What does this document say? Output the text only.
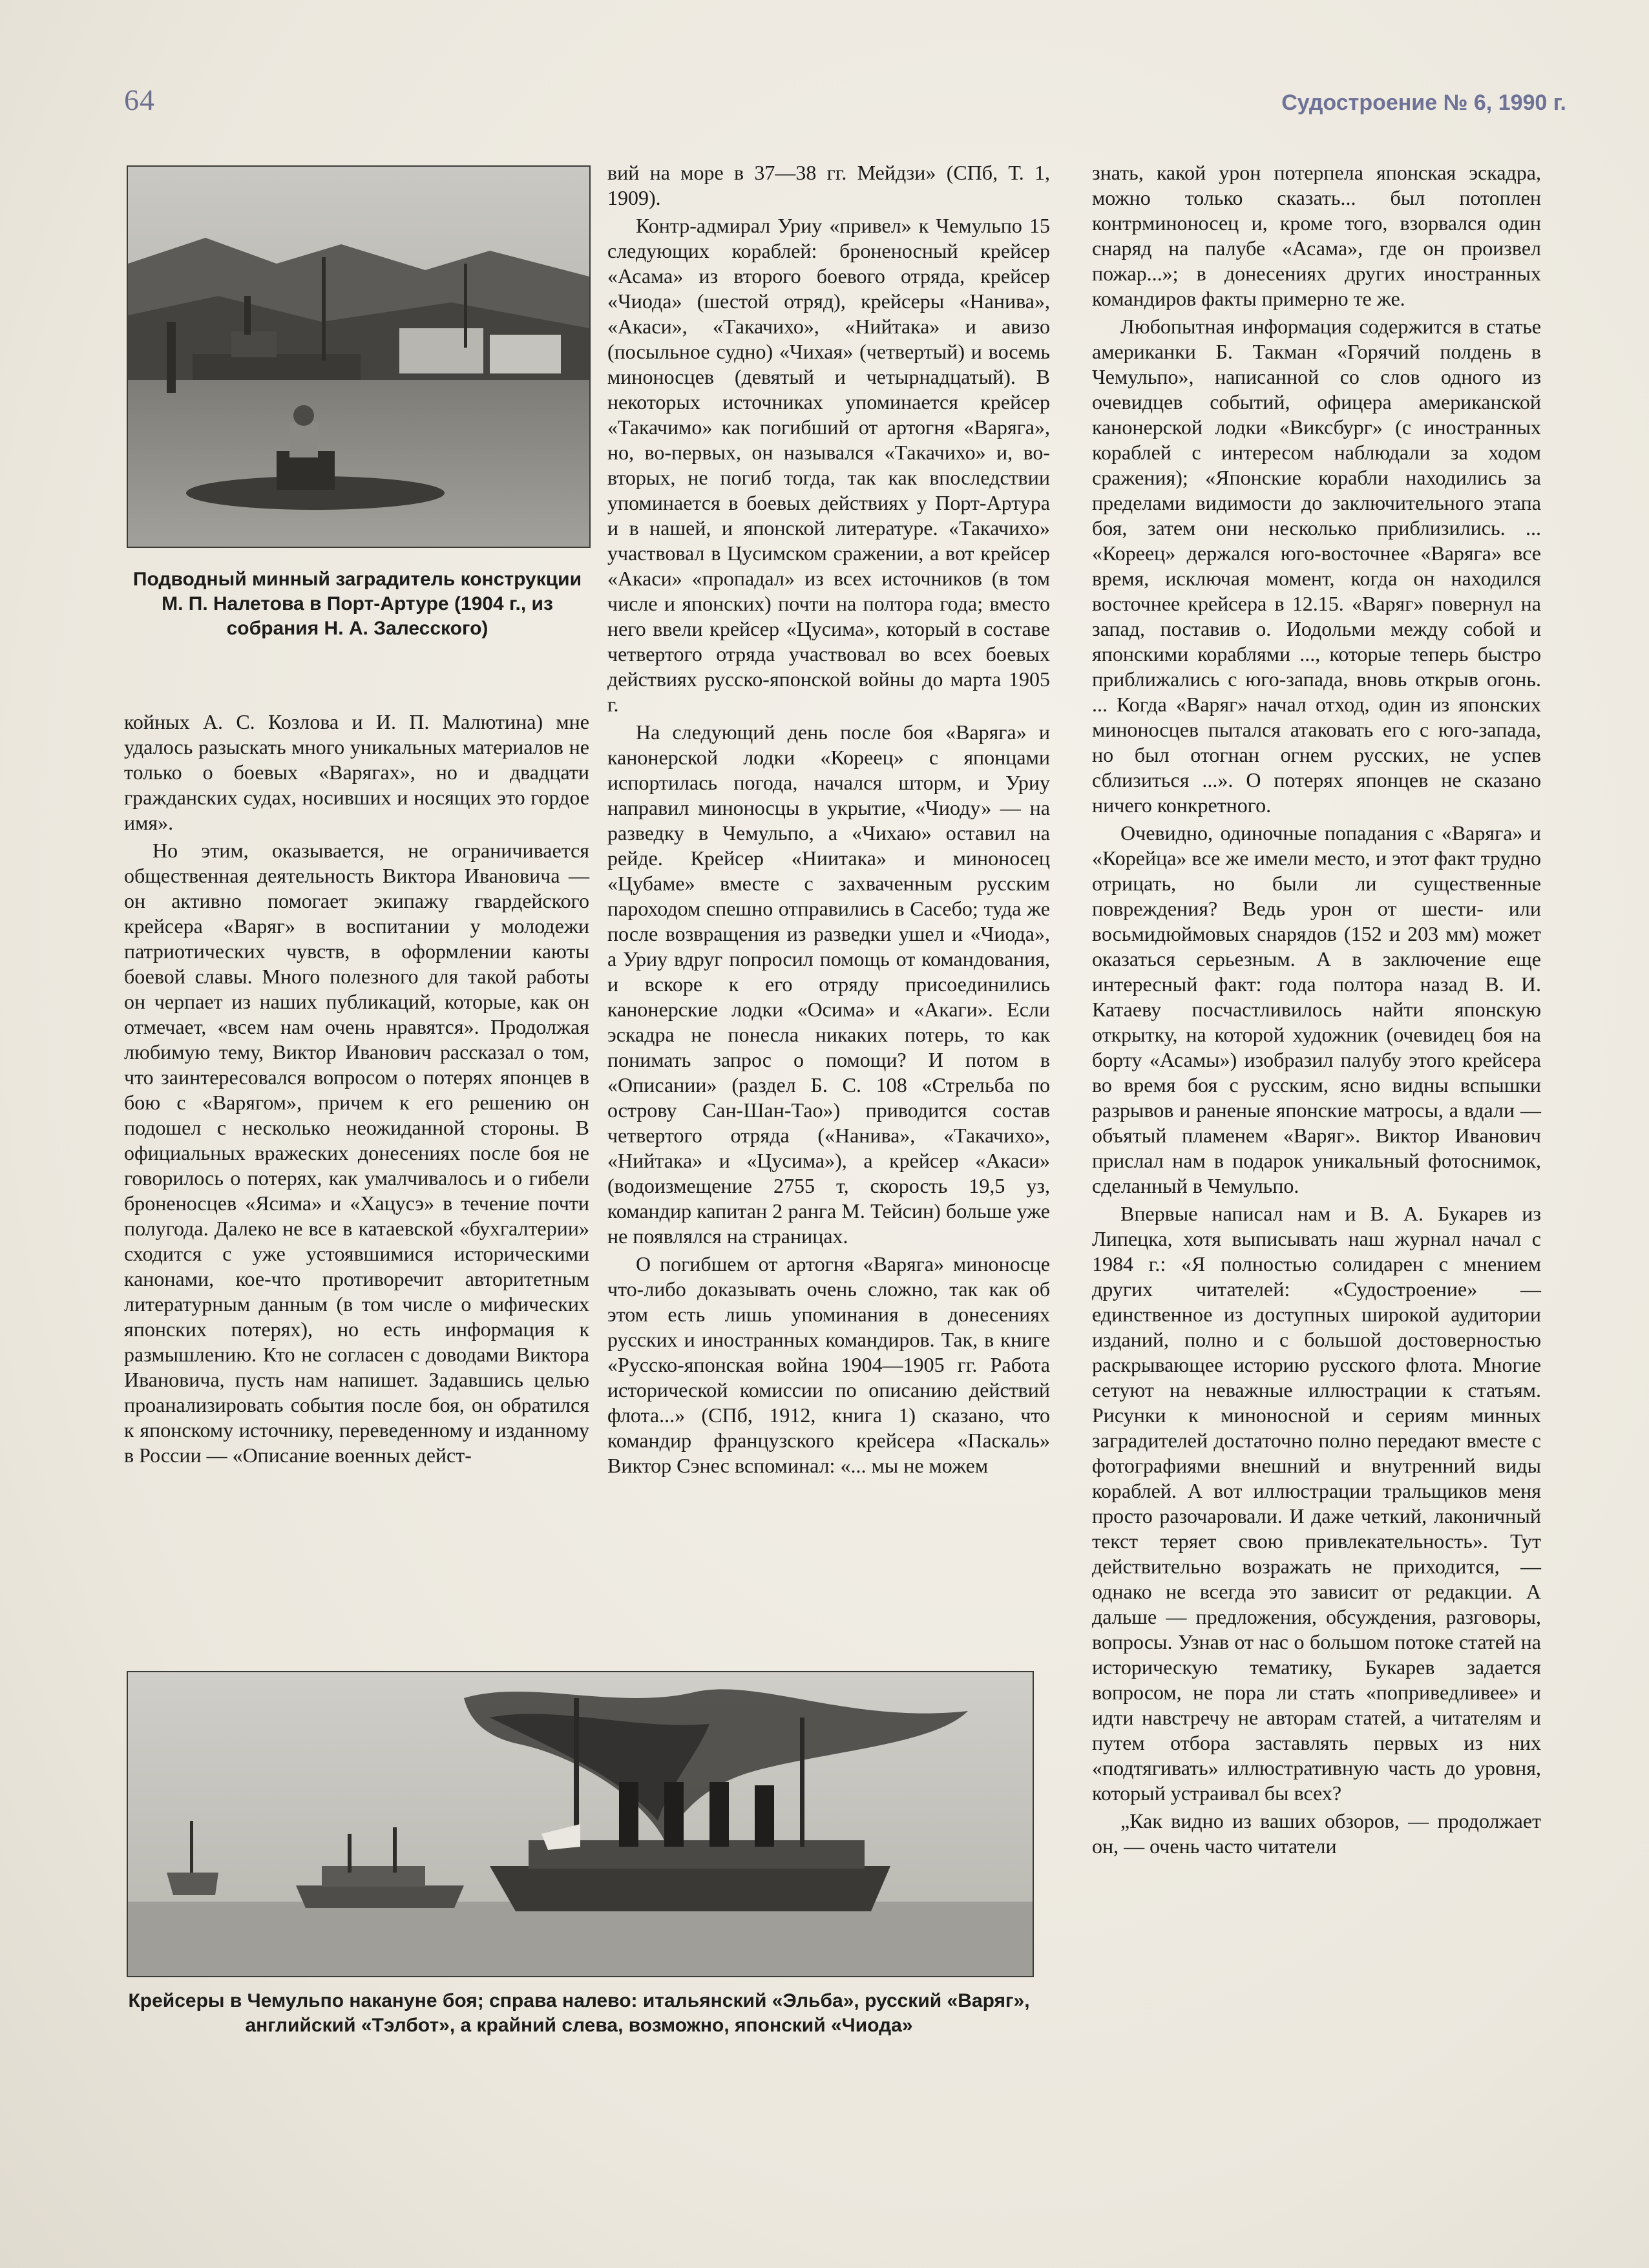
64	Судостроение № 6, 1990 г.
Подводный минный заградитель конструкции М. П. Налетова в Порт-Артуре (1904 г., из собрания Н. А. Залесского)

койных А. С. Козлова и И. П. Малютина) мне удалось разыскать много уникальных материалов не только о боевых «Варягах», но и двадцати гражданских судах, носивших и носящих это гордое имя».

Но этим, оказывается, не ограничивается общественная деятельность Виктора Ивановича — он активно помогает экипажу гвардейского крейсера «Варяг» в воспитании у молодежи патриотических чувств, в оформлении каюты боевой славы. Много полезного для такой работы он черпает из наших публикаций, которые, как он отмечает, «всем нам очень нравятся». Продолжая любимую тему, Виктор Иванович рассказал о том, что заинтересовался вопросом о потерях японцев в бою с «Варягом», причем к его решению он подошел с несколько неожиданной стороны. В официальных вражеских донесениях после боя не говорилось о потерях, как умалчивалось и о гибели броненосцев «Ясима» и «Хацусэ» в течение почти полугода. Далеко не все в катаевской «бухгалтерии» сходится с уже устоявшимися историческими канонами, кое-что противоречит авторитетным литературным данным (в том числе о мифических японских потерях), но есть информация к размышлению. Кто не согласен с доводами Виктора Ивановича, пусть нам напишет. Задавшись целью проанализировать события после боя, он обратился к японскому источнику, переведенному и изданному в России — «Описание военных дейст-

вий на море в 37—38 гг. Мейдзи» (СПб, Т. 1, 1909).

Контр-адмирал Уриу «привел» к Чемульпо 15 следующих кораблей: броненосный крейсер «Асама» из второго боевого отряда, крейсер «Чиода» (шестой отряд), крейсеры «Нанива», «Акаси», «Такачихо», «Нийтака» и авизо (посыльное судно) «Чихая» (четвертый) и восемь миноносцев (девятый и четырнадцатый). В некоторых источниках упоминается крейсер «Такачимо» как погибший от артогня «Варяга», но, во-первых, он назывался «Такачихо» и, во-вторых, не погиб тогда, так как впоследствии упоминается в боевых действиях у Порт-Артура и в нашей, и японской литературе. «Такачихо» участвовал в Цусимском сражении, а вот крейсер «Акаси» «пропадал» из всех источников (в том числе и японских) почти на полтора года; вместо него ввели крейсер «Цусима», который в составе четвертого отряда участвовал во всех боевых действиях русско-японской войны до марта 1905 г.

На следующий день после боя «Варяга» и канонерской лодки «Кореец» с японцами испортилась погода, начался шторм, и Уриу направил миноносцы в укрытие, «Чиоду» — на разведку в Чемульпо, а «Чихаю» оставил на рейде. Крейсер «Ниитака» и миноносец «Цубаме» вместе с захваченным русским пароходом спешно отправились в Сасебо; туда же после возвращения из разведки ушел и «Чиода», а Уриу вдруг попросил помощь от командования, и вскоре к его отряду присоединились канонерские лодки «Осима» и «Акаги». Если эскадра не понесла никаких потерь, то как понимать запрос о помощи? И потом в «Описании» (раздел Б. С. 108 «Стрельба по острову Сан-Шан-Тао») приводится состав четвертого отряда («Нанива», «Такачихо», «Нийтака» и «Цусима»), а крейсер «Акаси» (водоизмещение 2755 т, скорость 19,5 уз, командир капитан 2 ранга М. Тейсин) больше уже не появлялся на страницах.

О погибшем от артогня «Варяга» миноносце что-либо доказывать очень сложно, так как об этом есть лишь упоминания в донесениях русских и иностранных командиров. Так, в книге «Русско-японская война 1904—1905 гг. Работа исторической комиссии по описанию действий флота...» (СПб, 1912, книга 1) сказано, что командир французского крейсера «Паскаль» Виктор Сэнес вспоминал: «... мы не можем

знать, какой урон потерпела японская эскадра, можно только сказать... был потоплен контрминоносец и, кроме того, взорвался один снаряд на палубе «Асама», где он произвел пожар...»; в донесениях других иностранных командиров факты примерно те же.

Любопытная информация содержится в статье американки Б. Такман «Горячий полдень в Чемульпо», написанной со слов одного из очевидцев событий, офицера американской канонерской лодки «Виксбург» (с иностранных кораблей с интересом наблюдали за ходом сражения); «Японские корабли находились за пределами видимости до заключительного этапа боя, затем они несколько приблизились. ... «Кореец» держался юго-восточнее «Варяга» все время, исключая момент, когда он находился восточнее крейсера в 12.15. «Варяг» повернул на запад, поставив о. Иодольми между собой и японскими кораблями ..., которые теперь быстро приближались с юго-запада, вновь открыв огонь. ... Когда «Варяг» начал отход, один из японских миноносцев пытался атаковать его с юго-запада, но был отогнан огнем русских, не успев сблизиться ...». О потерях японцев не сказано ничего конкретного.

Очевидно, одиночные попадания с «Варяга» и «Корейца» все же имели место, и этот факт трудно отрицать, но были ли существенные повреждения? Ведь урон от шести- или восьмидюймовых снарядов (152 и 203 мм) может оказаться серьезным. А в заключение еще интересный факт: года полтора назад В. И. Катаеву посчастливилось найти японскую открытку, на которой художник (очевидец боя на борту «Асамы») изобразил палубу этого крейсера во время боя с русским, ясно видны вспышки разрывов и раненые японские матросы, а вдали — объятый пламенем «Варяг». Виктор Иванович прислал нам в подарок уникальный фотоснимок, сделанный в Чемульпо.

Впервые написал нам и В. А. Букарев из Липецка, хотя выписывать наш журнал начал с 1984 г.: «Я полностью солидарен с мнением других читателей: «Судостроение» — единственное из доступных широкой аудитории изданий, полно и с большой достоверностью раскрывающее историю русского флота. Многие сетуют на неважные иллюстрации к статьям. Рисунки к миноносной и сериям минных заградителей достаточно полно передают вместе с фотографиями внешний и внутренний виды кораблей. А вот иллюстрации тральщиков меня просто разочаровали. И даже четкий, лаконичный текст теряет свою привлекательность». Тут действительно возражать не приходится, — однако не всегда это зависит от редакции. А дальше — предложения, обсуждения, разговоры, вопросы. Узнав от нас о большом потоке статей на историческую тематику, Букарев задается вопросом, не пора ли стать «поприведливее» и идти навстречу не авторам статей, а читателям и путем отбора заставлять первых из них «подтягивать» иллюстративную часть до уровня, который устраивал бы всех?

„Как видно из ваших обзоров, — продолжает он, — очень часто читатели

Крейсеры в Чемульпо накануне боя; справа налево: итальянский «Эльба», русский «Варяг», английский «Тэлбот», а крайний слева, возможно, японский «Чиода»
